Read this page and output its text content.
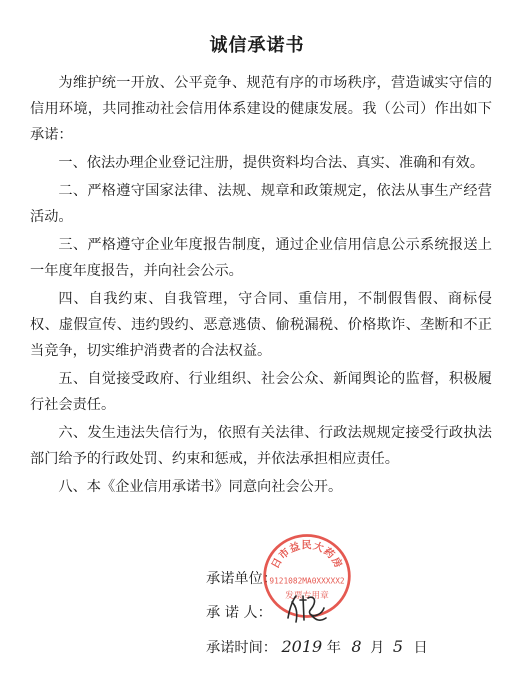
诚信承诺书

为维护统一开放、公平竞争、规范有序的市场秩序，营造诚实守信的信用环境，共同推动社会信用体系建设的健康发展。我（公司）作出如下承诺：

一、依法办理企业登记注册，提供资料均合法、真实、准确和有效。

二、严格遵守国家法律、法规、规章和政策规定，依法从事生产经营活动。

三、严格遵守企业年度报告制度，通过企业信用信息公示系统报送上一年度年度报告，并向社会公示。

四、自我约束、自我管理，守合同、重信用，不制假售假、商标侵权、虚假宣传、违约毁约、恶意逃债、偷税漏税、价格欺诈、垄断和不正当竞争，切实维护消费者的合法权益。

五、自觉接受政府、行业组织、社会公众、新闻舆论的监督，积极履行社会责任。

六、发生违法失信行为，依照有关法律、行政法规规定接受行政执法部门给予的行政处罚、约束和惩戒，并依法承担相应责任。

八、本《企业信用承诺书》同意向社会公开。

承诺单位：
承 诺 人：
承诺时间： 2019 年 8 月 5 日
日市益民大药房
9121082MA0XXXXX2
发票专用章
